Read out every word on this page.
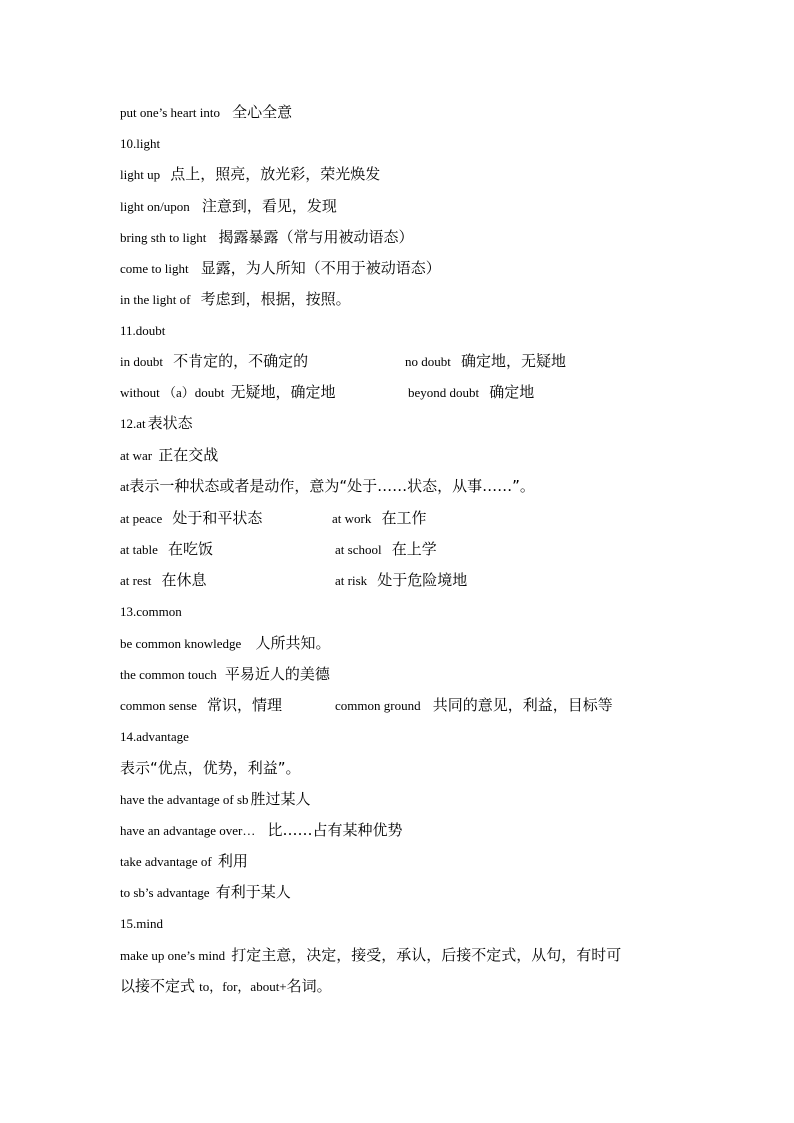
put one’s heart into 全心全意
10.light
light up 点上，照亮，放光彩，荣光焕发
light on/upon 注意到，看见，发现
bring sth to light 揭露暴露（常与用被动语态）
come to light 显露，为人所知（不用于被动语态）
in the light of 考虑到，根据，按照。
11.doubt
in doubt 不肯定的，不确定的	no doubt 确定地，无疑地
without （a）doubt 无疑地，确定地	beyond doubt 确定地
12.at 表状态
at war 正在交战
at表示一种状态或者是动作，意为“处于……状态，从事……”。
at peace 处于和平状态	at work 在工作
at table 在吃饭	at school 在上学
at rest 在休息	at risk 处于危险境地
13.common
be common knowledge 人所共知。
the common touch 平易近人的美德
common sense 常识，情理	common ground 共同的意见，利益，目标等
14.advantage
表示“优点，优势，利益”。
have the advantage of sb 胜过某人
have an advantage over… 比……占有某种优势
take advantage of 利用
to sb’s advantage 有利于某人
15.mind
make up one’s mind 打定主意，决定，接受，承认，后接不定式，从句，有时可
以接不定式 to，for，about+名词。
